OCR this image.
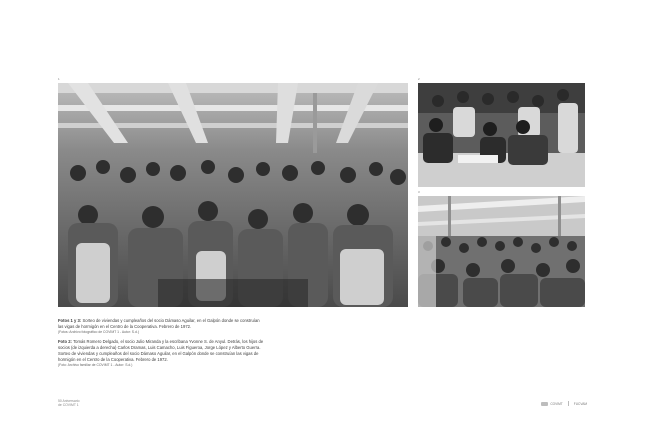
1	2
3

Fotos 1 y 3: Sorteo de viviendas y cumpleaños del socio Dámaso Aguilar, en el Galpón donde se construían las vigas de hormigón en el Centro de la Cooperativa. Febrero de 1972.
(Fotos: Archivo fotográfico de COVIMT 1 - Autor: S.d.)

Foto 2: Tomás Romero Delgado, el socio Julio Miranda y la escribana Yvonne S. de Anyul. Detrás, los hijos de socios (de izquierda a derecha) Carlos Dramas, Luis Camacho, Luis Figueroa, Jorge López y Alberto Guerra. Sorteo de viviendas y cumpleaños del socio Dámaso Aguilar, en el Galpón donde se construían las vigas de hormigón en el Centro de la Cooperativa. Febrero de 1972.
(Foto: Archivo familiar de COVIMT 1 - Autor: S.d.)

50 Aniversario
de COVIMT 1	COVIMT	FUCVAM
